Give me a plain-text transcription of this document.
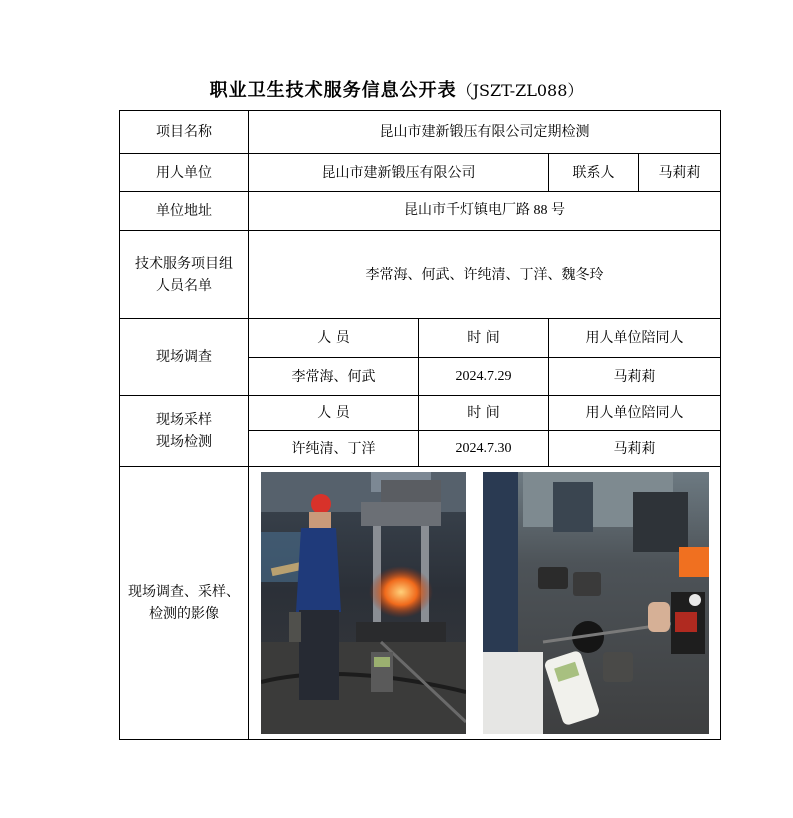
职业卫生技术服务信息公开表（JSZT-ZL088）
项目名称	昆山市建新锻压有限公司定期检测			
用人单位	昆山市建新锻压有限公司		联系人	马莉莉
单位地址	昆山市千灯镇电厂路 88 号			

技术服务项目组
人员名单	李常海、何武、许纯清、丁洋、魏冬玲			
现场调查	人 员	时 间	用人单位陪同人	
	李常海、何武	2024.7.29	马莉莉	

现场采样
现场检测	人 员	时 间	用人单位陪同人	
	许纯清、丁洋	2024.7.30	马莉莉	

现场调查、采样、
检测的影像
